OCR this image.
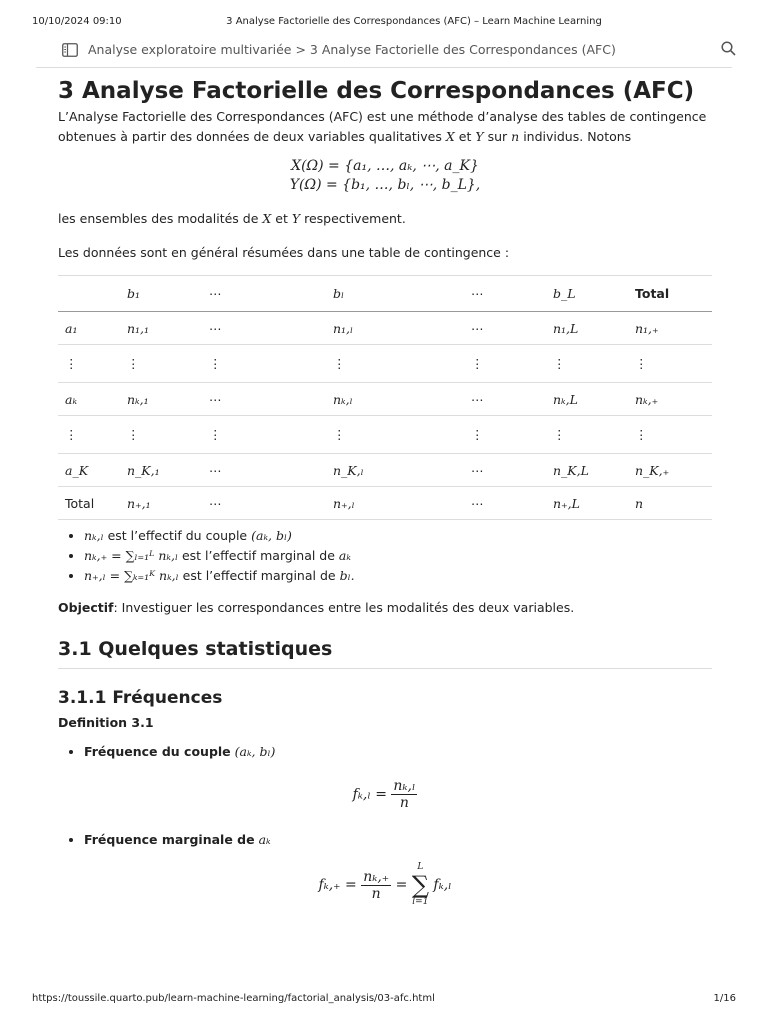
10/10/2024 09:10	3 Analyse Factorielle des Correspondances (AFC) – Learn Machine Learning
Analyse exploratoire multivariée > 3 Analyse Factorielle des Correspondances (AFC)
3 Analyse Factorielle des Correspondances (AFC)

L’Analyse Factorielle des Correspondances (AFC) est une méthode d’analyse des tables de contingence
obtenues à partir des données de deux variables qualitatives X et Y sur n individus. Notons

X(Ω) = {a₁, …, aₖ, ⋯, a_K}
Y(Ω) = {b₁, …, bₗ, ⋯, b_L},

les ensembles des modalités de X et Y respectivement.

Les données sont en général résumées dans une table de contingence :

	b₁	⋯	bₗ	⋯	b_L	Total
a₁	n₁,₁	⋯	n₁,ₗ	⋯	n₁,L	n₁,₊
⋮	⋮	⋮	⋮	⋮	⋮	⋮
aₖ	nₖ,₁	⋯	nₖ,ₗ	⋯	nₖ,L	nₖ,₊
⋮	⋮	⋮	⋮	⋮	⋮	⋮
a_K	n_K,₁	⋯	n_K,ₗ	⋯	n_K,L	n_K,₊
Total	n₊,₁	⋯	n₊,ₗ	⋯	n₊,L	n
• nₖ,ₗ est l’effectif du couple (aₖ, bₗ)
• nₖ,₊ = ∑ₗ₌₁ᴸ nₖ,ₗ est l’effectif marginal de aₖ
• n₊,ₗ = ∑ₖ₌₁ᴷ nₖ,ₗ est l’effectif marginal de bₗ.

Objectif: Investiguer les correspondances entre les modalités des deux variables.

3.1 Quelques statistiques
3.1.1 Fréquences
Definition 3.1
• Fréquence du couple (aₖ, bₗ)
$f_k,_l = \frac{\text{nₖ,ₗ}}{n}$
• Fréquence marginale de aₖ
$f_k,_+ = \frac{\text{nₖ,₊}}{n}$ =
L
∑
l=1
fₖ,ₗ
https://toussile.quarto.pub/learn-machine-learning/factorial_analysis/03-afc.html	1/16
